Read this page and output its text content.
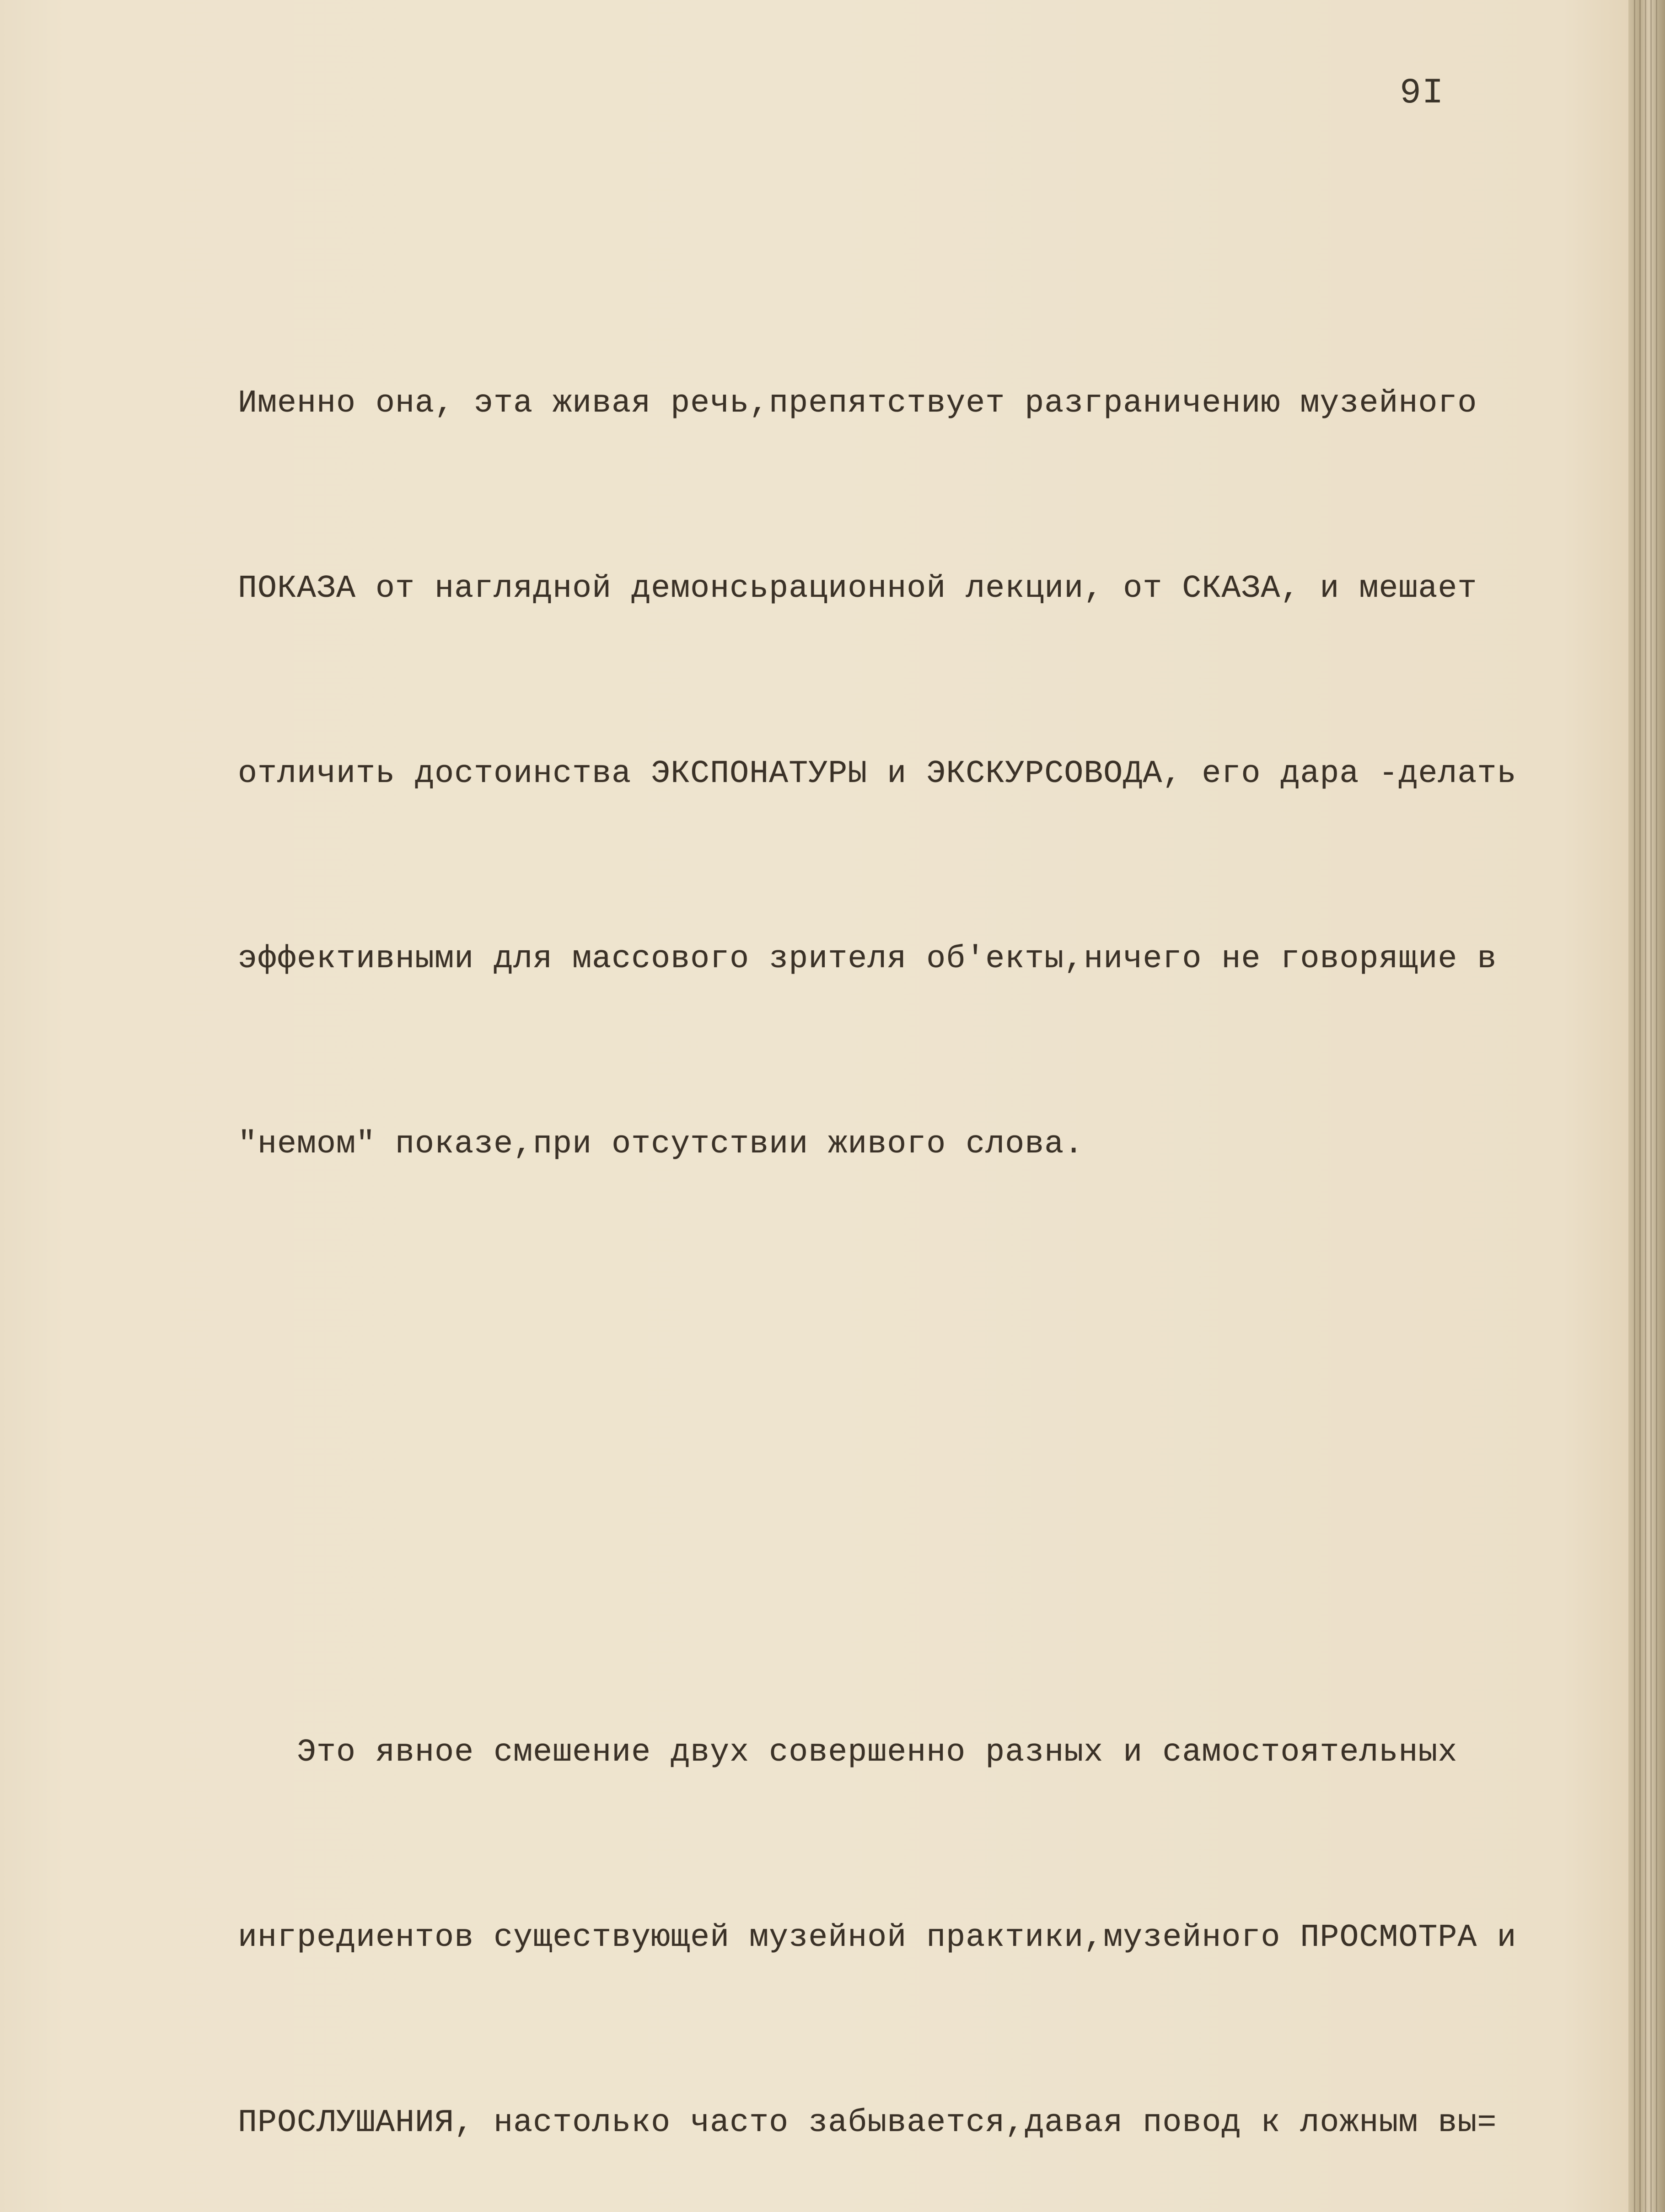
9I

Именно она, эта живая речь,препятствует разграничению музейного

ПОКАЗА от наглядной демонсьрационной лекции, от СКАЗА, и мешает

отличить достоинства ЭКСПОНАТУРЫ и ЭКСКУРСОВОДА, его дара -делать

эффективными для массового зрителя об'екты,ничего не говорящие в

"немом" показе,при отсутствии живого слова.

Это явное смешение двух совершенно разных и самостоятельных

ингредиентов существующей музейной практики,музейного ПРОСМОТРА и

ПРОСЛУШАНИЯ, настолько часто забывается,давая повод к ложным вы=
